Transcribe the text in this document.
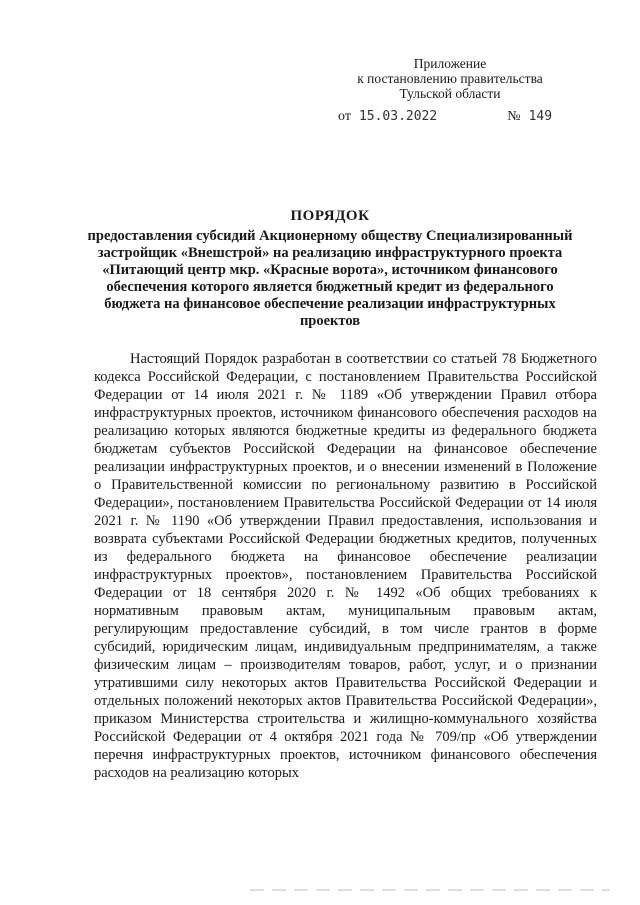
Приложение
к постановлению правительства
Тульской области
от 15.03.2022	№ 149
ПОРЯДОК
предоставления субсидий Акционерному обществу Специализированный застройщик «Внешстрой» на реализацию инфраструктурного проекта «Питающий центр мкр. «Красные ворота», источником финансового обеспечения которого является бюджетный кредит из федерального бюджета на финансовое обеспечение реализации инфраструктурных проектов

Настоящий Порядок разработан в соответствии со статьей 78 Бюджетного кодекса Российской Федерации, с постановлением Правительства Российской Федерации от 14 июля 2021 г. № 1189 «Об утверждении Правил отбора инфраструктурных проектов, источником финансового обеспечения расходов на реализацию которых являются бюджетные кредиты из федерального бюджета бюджетам субъектов Российской Федерации на финансовое обеспечение реализации инфраструктурных проектов, и о внесении изменений в Положение о Правительственной комиссии по региональному развитию в Российской Федерации», постановлением Правительства Российской Федерации от 14 июля 2021 г. № 1190 «Об утверждении Правил предоставления, использования и возврата субъектами Российской Федерации бюджетных кредитов, полученных из федерального бюджета на финансовое обеспечение реализации инфраструктурных проектов», постановлением Правительства Российской Федерации от 18 сентября 2020 г. № 1492 «Об общих требованиях к нормативным правовым актам, муниципальным правовым актам, регулирующим предоставление субсидий, в том числе грантов в форме субсидий, юридическим лицам, индивидуальным предпринимателям, а также физическим лицам – производителям товаров, работ, услуг, и о признании утратившими силу некоторых актов Правительства Российской Федерации и отдельных положений некоторых актов Правительства Российской Федерации», приказом Министерства строительства и жилищно-коммунального хозяйства Российской Федерации от 4 октября 2021 года № 709/пр «Об утверждении перечня инфраструктурных проектов, источником финансового обеспечения расходов на реализацию которых
